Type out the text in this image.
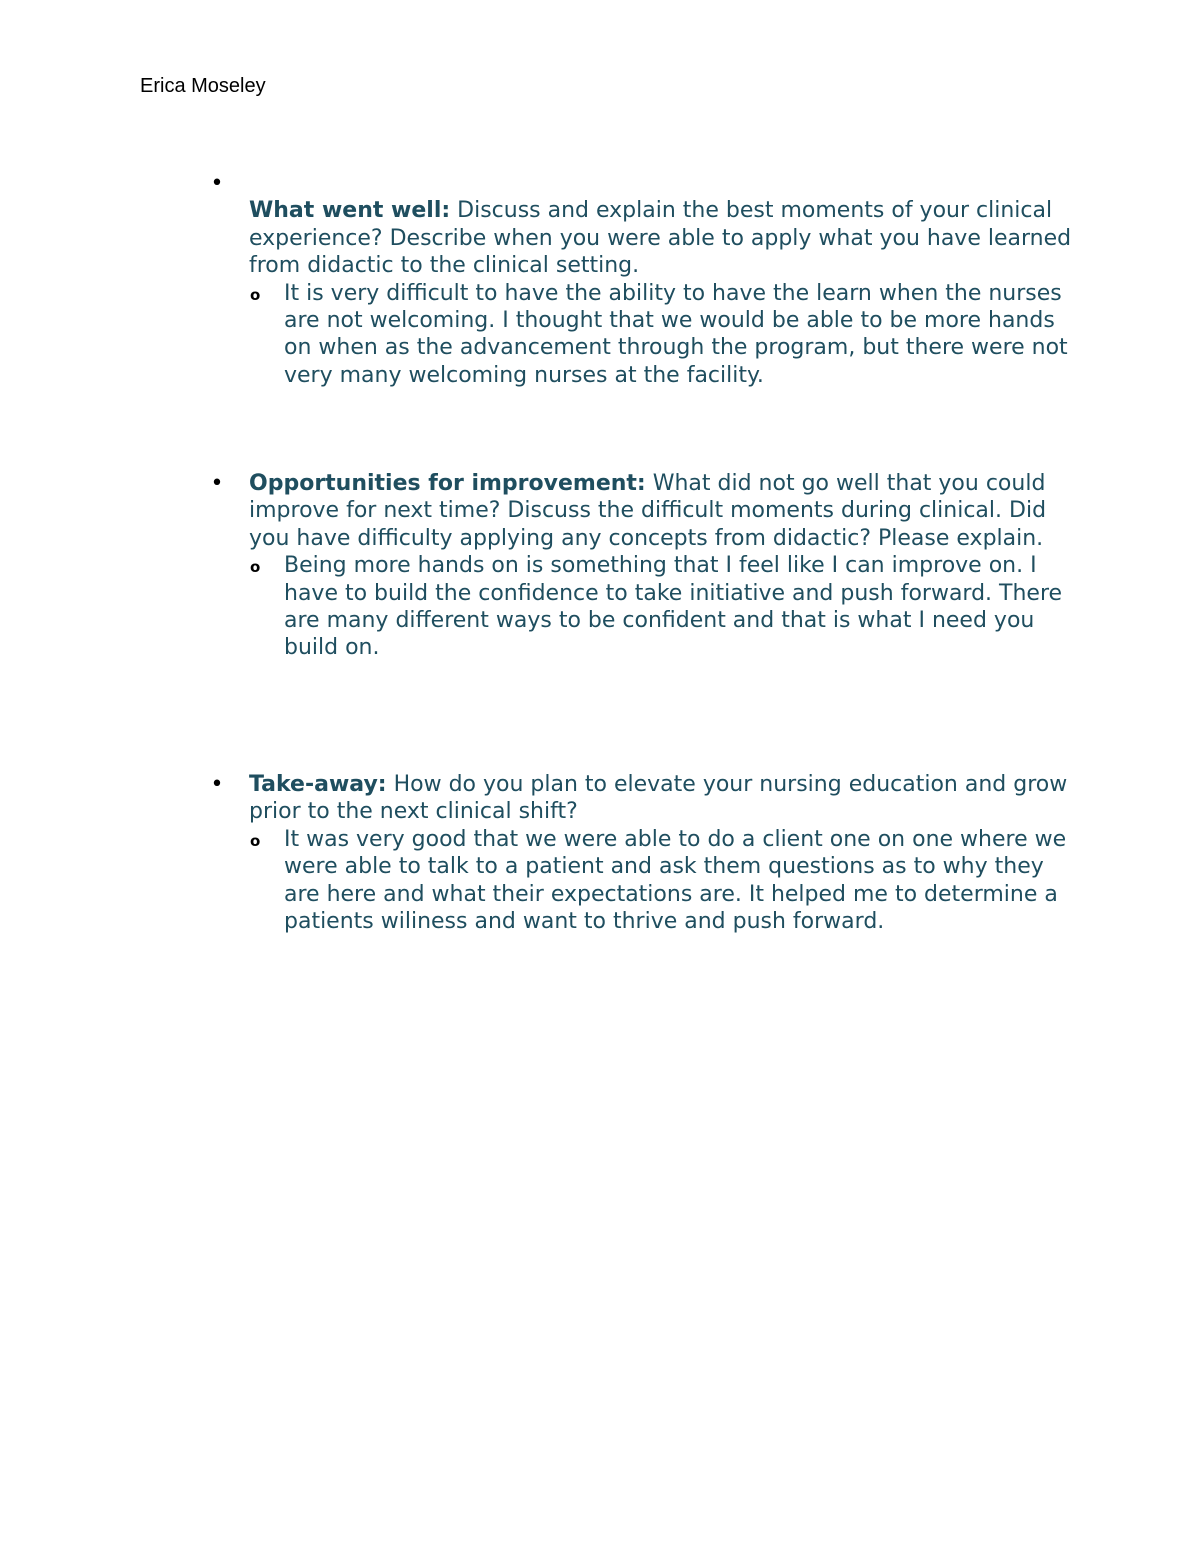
Erica Moseley
•
What went well: Discuss and explain the best moments of your clinical experience? Describe when you were able to apply what you have learned from didactic to the clinical setting.
o It is very difficult to have the ability to have the learn when the nurses are not welcoming. I thought that we would be able to be more hands on when as the advancement through the program, but there were not very many welcoming nurses at the facility.
• Opportunities for improvement: What did not go well that you could improve for next time? Discuss the difficult moments during clinical. Did you have difficulty applying any concepts from didactic? Please explain.
o Being more hands on is something that I feel like I can improve on. I have to build the confidence to take initiative and push forward. There are many different ways to be confident and that is what I need you build on.
• Take-away: How do you plan to elevate your nursing education and grow prior to the next clinical shift?
o It was very good that we were able to do a client one on one where we were able to talk to a patient and ask them questions as to why they are here and what their expectations are. It helped me to determine a patients wiliness and want to thrive and push forward.
